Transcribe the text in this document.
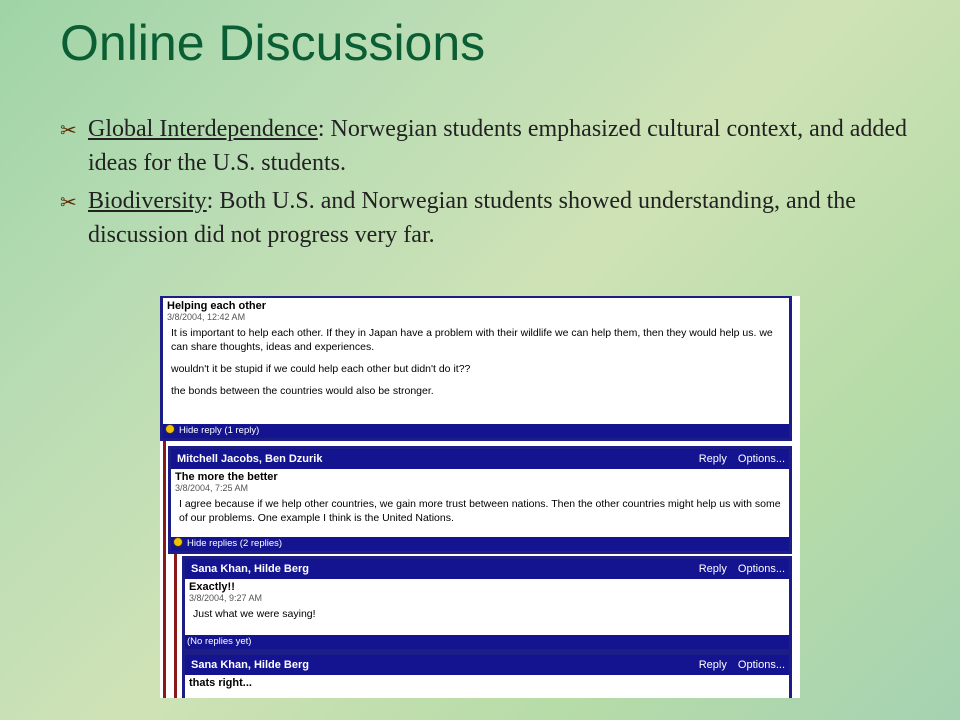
Online Discussions
✂ Global Interdependence: Norwegian students emphasized cultural context, and added ideas for the U.S. students.
✂ Biodiversity: Both U.S. and Norwegian students showed understanding, and the discussion did not progress very far.
Helping each other
3/8/2004, 12:42 AM

It is important to help each other. If they in Japan have a problem with their wildlife we can help them, then they would help us. we can share thoughts, ideas and experiences.

wouldn't it be stupid if we could help each other but didn't do it??

the bonds between the countries would also be stronger.

Hide reply (1 reply)
Mitchell Jacobs, Ben Dzurik	Reply Options...
The more the better
3/8/2004, 7:25 AM

I agree because if we help other countries, we gain more trust between nations. Then the other countries might help us with some of our problems. One example I think is the United Nations.

Hide replies (2 replies)
Sana Khan, Hilde Berg	Reply Options...
Exactly!!
3/8/2004, 9:27 AM

Just what we were saying!

(No replies yet)
Sana Khan, Hilde Berg	Reply Options...
thats right...
